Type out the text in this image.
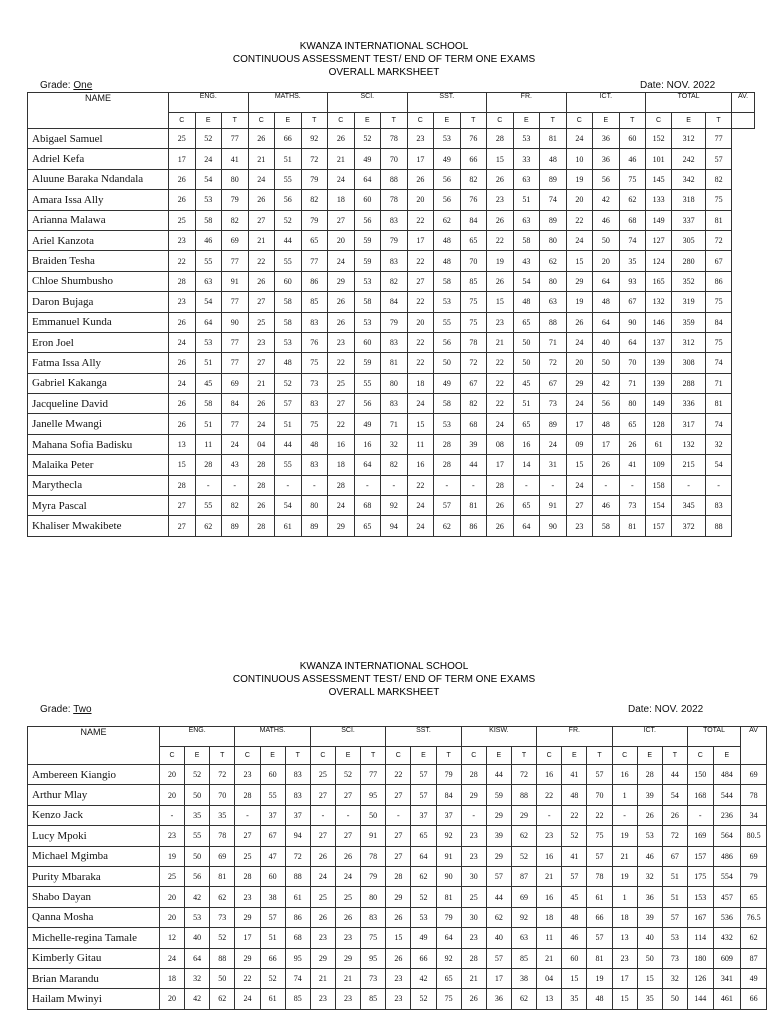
KWANZA INTERNATIONAL SCHOOL
CONTINUOUS ASSESSMENT TEST/ END OF TERM ONE EXAMS
OVERALL MARKSHEET
Grade: One	Date: NOV. 2022
NAME	ENG.			MATHS.			SCI.			SST.			FR.			ICT.			TOTAL			AV.
	C	E	T	C	E	T	C	E	T	C	E	T	C	E	T	C	E	T	C	E	T	
Abigael Samuel	25	52	77	26	66	92	26	52	78	23	53	76	28	53	81	24	36	60	152	312	77	
Adriel Kefa	17	24	41	21	51	72	21	49	70	17	49	66	15	33	48	10	36	46	101	242	57	
Aluune Baraka Ndandala	26	54	80	24	55	79	24	64	88	26	56	82	26	63	89	19	56	75	145	342	82	
Amara Issa Ally	26	53	79	26	56	82	18	60	78	20	56	76	23	51	74	20	42	62	133	318	75	
Arianna Malawa	25	58	82	27	52	79	27	56	83	22	62	84	26	63	89	22	46	68	149	337	81	
Ariel Kanzota	23	46	69	21	44	65	20	59	79	17	48	65	22	58	80	24	50	74	127	305	72	
Braiden Tesha	22	55	77	22	55	77	24	59	83	22	48	70	19	43	62	15	20	35	124	280	67	
Chloe Shumbusho	28	63	91	26	60	86	29	53	82	27	58	85	26	54	80	29	64	93	165	352	86	
Daron Bujaga	23	54	77	27	58	85	26	58	84	22	53	75	15	48	63	19	48	67	132	319	75	
Emmanuel Kunda	26	64	90	25	58	83	26	53	79	20	55	75	23	65	88	26	64	90	146	359	84	
Eron Joel	24	53	77	23	53	76	23	60	83	22	56	78	21	50	71	24	40	64	137	312	75	
Fatma Issa Ally	26	51	77	27	48	75	22	59	81	22	50	72	22	50	72	20	50	70	139	308	74	
Gabriel Kakanga	24	45	69	21	52	73	25	55	80	18	49	67	22	45	67	29	42	71	139	288	71	
Jacqueline David	26	58	84	26	57	83	27	56	83	24	58	82	22	51	73	24	56	80	149	336	81	
Janelle Mwangi	26	51	77	24	51	75	22	49	71	15	53	68	24	65	89	17	48	65	128	317	74	
Mahana Sofia Badisku	13	11	24	04	44	48	16	16	32	11	28	39	08	16	24	09	17	26	61	132	32	
Malaika Peter	15	28	43	28	55	83	18	64	82	16	28	44	17	14	31	15	26	41	109	215	54	
Marythecla	28	-	-	28	-	-	28	-	-	22	-	-	28	-	-	24	-	-	158	-	-	
Myra Pascal	27	55	82	26	54	80	24	68	92	24	57	81	26	65	91	27	46	73	154	345	83	
Khaliser Mwakibete	27	62	89	28	61	89	29	65	94	24	62	86	26	64	90	23	58	81	157	372	88	
KWANZA INTERNATIONAL SCHOOL
CONTINUOUS ASSESSMENT TEST/ END OF TERM ONE EXAMS
OVERALL MARKSHEET
Grade: Two	Date: NOV. 2022
NAME	ENG.			MATHS.			SCI.			SST.			KISW.			FR.			ICT.			TOTAL		AV
	C	E	T	C	E	T	C	E	T	C	E	T	C	E	T	C	E	T	C	E	T	C	E	
Ambereen Kiangio	20	52	72	23	60	83	25	52	77	22	57	79	28	44	72	16	41	57	16	28	44	150	484	69
Arthur Mlay	20	50	70	28	55	83	27	27	95	27	57	84	29	59	88	22	48	70	1	39	54	168	544	78
Kenzo Jack	-	35	35	-	37	37	-	-	50	-	37	37	-	29	29	-	22	22	-	26	26	-	236	34
Lucy Mpoki	23	55	78	27	67	94	27	27	91	27	65	92	23	39	62	23	52	75	19	53	72	169	564	80.5
Michael Mgimba	19	50	69	25	47	72	26	26	78	27	64	91	23	29	52	16	41	57	21	46	67	157	486	69
Purity Mbaraka	25	56	81	28	60	88	24	24	79	28	62	90	30	57	87	21	57	78	19	32	51	175	554	79
Shabo Dayan	20	42	62	23	38	61	25	25	80	29	52	81	25	44	69	16	45	61	1	36	51	153	457	65
Qanna Mosha	20	53	73	29	57	86	26	26	83	26	53	79	30	62	92	18	48	66	18	39	57	167	536	76.5
Michelle-regina Tamale	12	40	52	17	51	68	23	23	75	15	49	64	23	40	63	11	46	57	13	40	53	114	432	62
Kimberly Gitau	24	64	88	29	66	95	29	29	95	26	66	92	28	57	85	21	60	81	23	50	73	180	609	87
Brian Marandu	18	32	50	22	52	74	21	21	73	23	42	65	21	17	38	04	15	19	17	15	32	126	341	49
Hailam Mwinyi	20	42	62	24	61	85	23	23	85	23	52	75	26	36	62	13	35	48	15	35	50	144	461	66
